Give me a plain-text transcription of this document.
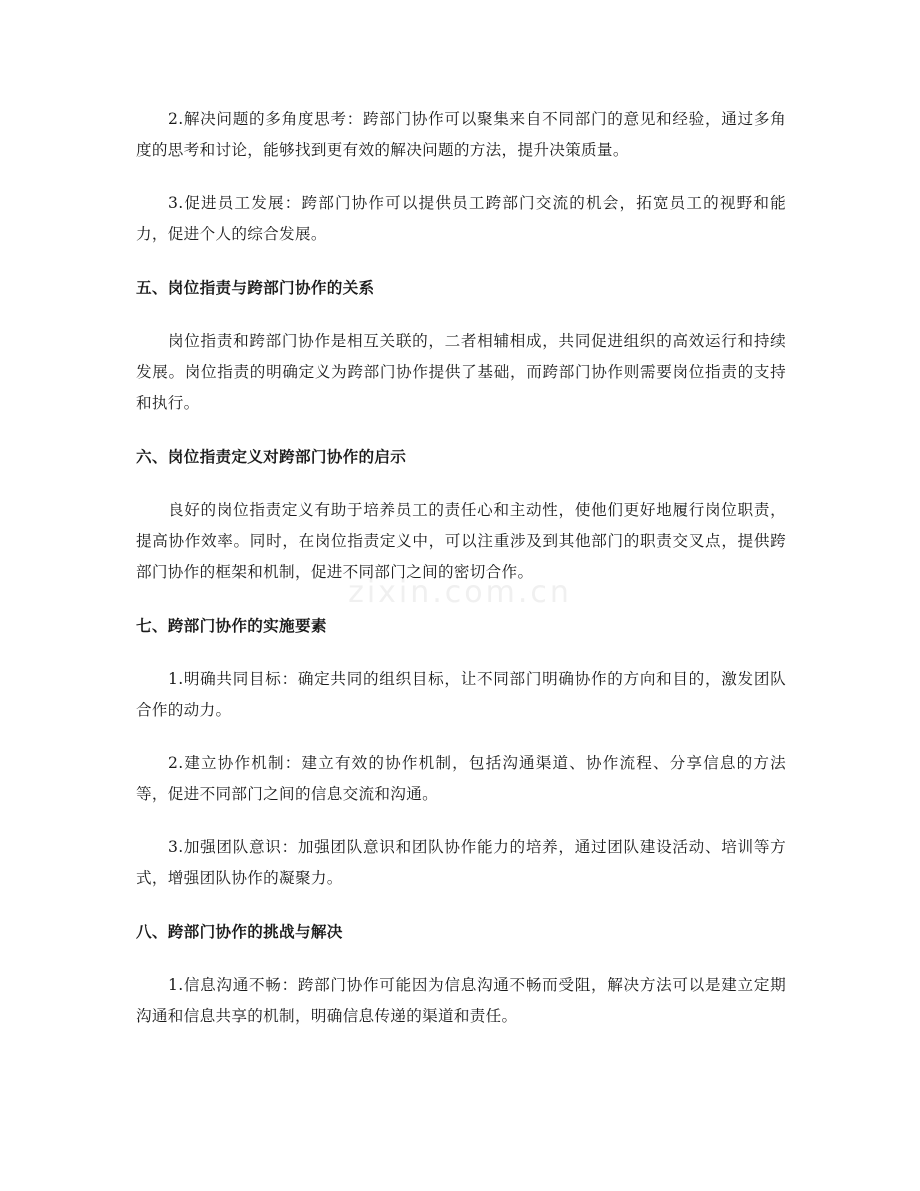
2.解决问题的多角度思考：跨部门协作可以聚集来自不同部门的意见和经验，通过多角度的思考和讨论，能够找到更有效的解决问题的方法，提升决策质量。

3.促进员工发展：跨部门协作可以提供员工跨部门交流的机会，拓宽员工的视野和能力，促进个人的综合发展。

五、岗位指责与跨部门协作的关系

岗位指责和跨部门协作是相互关联的，二者相辅相成，共同促进组织的高效运行和持续发展。岗位指责的明确定义为跨部门协作提供了基础，而跨部门协作则需要岗位指责的支持和执行。

六、岗位指责定义对跨部门协作的启示

良好的岗位指责定义有助于培养员工的责任心和主动性，使他们更好地履行岗位职责，提高协作效率。同时，在岗位指责定义中，可以注重涉及到其他部门的职责交叉点，提供跨部门协作的框架和机制，促进不同部门之间的密切合作。

七、跨部门协作的实施要素

1.明确共同目标：确定共同的组织目标，让不同部门明确协作的方向和目的，激发团队合作的动力。

2.建立协作机制：建立有效的协作机制，包括沟通渠道、协作流程、分享信息的方法等，促进不同部门之间的信息交流和沟通。

3.加强团队意识：加强团队意识和团队协作能力的培养，通过团队建设活动、培训等方式，增强团队协作的凝聚力。

八、跨部门协作的挑战与解决

1.信息沟通不畅：跨部门协作可能因为信息沟通不畅而受阻，解决方法可以是建立定期沟通和信息共享的机制，明确信息传递的渠道和责任。

zixin.com.cn
